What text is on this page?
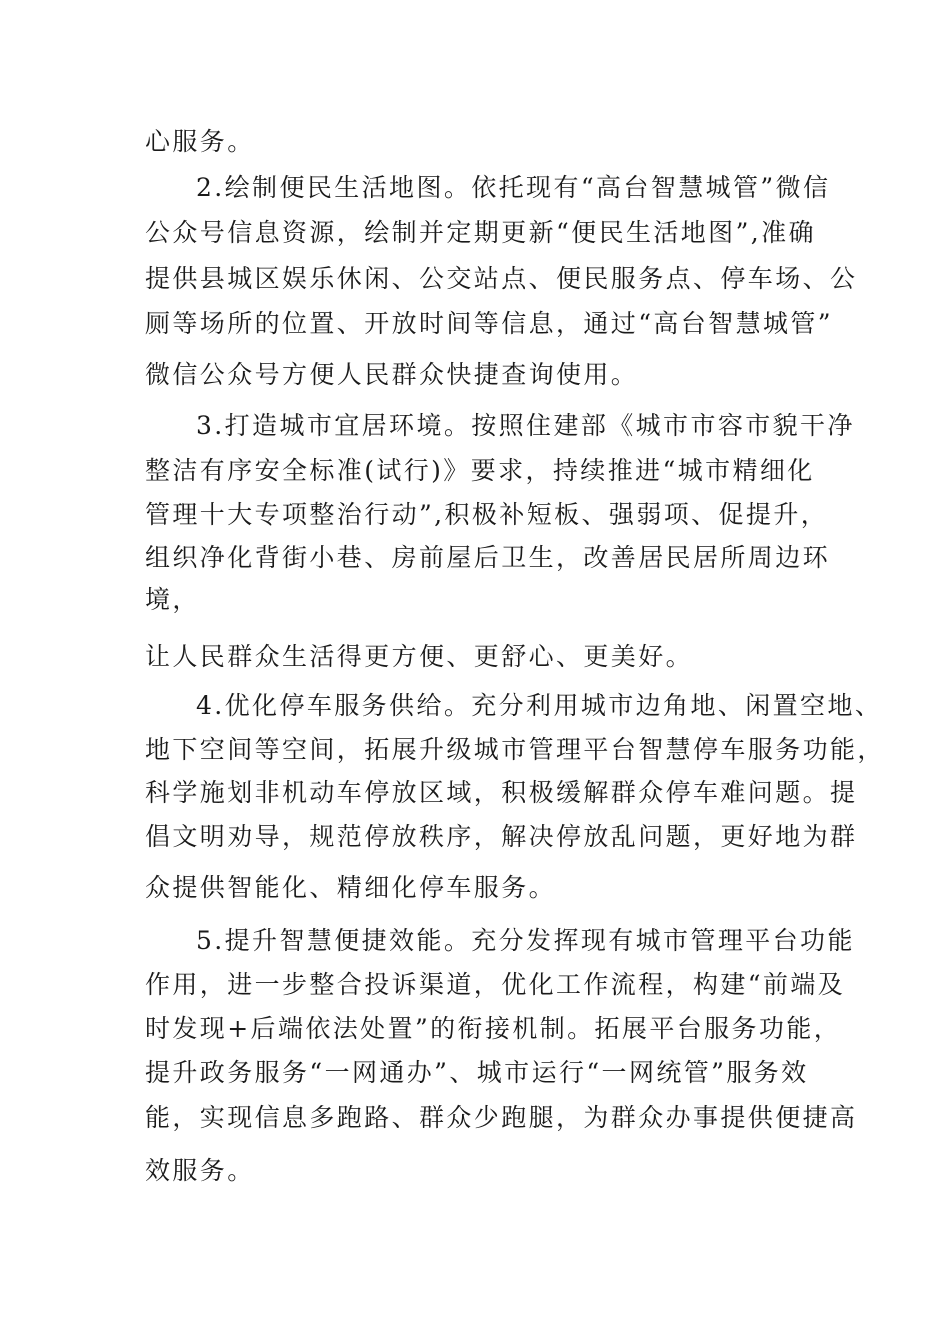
心服务。
2.绘制便民生活地图。依托现有“高台智慧城管”微信
公众号信息资源，绘制并定期更新“便民生活地图”,准确
提供县城区娱乐休闲、公交站点、便民服务点、停车场、公
厕等场所的位置、开放时间等信息，通过“高台智慧城管”
微信公众号方便人民群众快捷查询使用。
3.打造城市宜居环境。按照住建部《城市市容市貌干净
整洁有序安全标准(试行)》要求，持续推进“城市精细化
管理十大专项整治行动”,积极补短板、强弱项、促提升，
组织净化背街小巷、房前屋后卫生，改善居民居所周边环
境，
让人民群众生活得更方便、更舒心、更美好。
4.优化停车服务供给。充分利用城市边角地、闲置空地、
地下空间等空间，拓展升级城市管理平台智慧停车服务功能，
科学施划非机动车停放区域，积极缓解群众停车难问题。提
倡文明劝导，规范停放秩序，解决停放乱问题，更好地为群
众提供智能化、精细化停车服务。
5.提升智慧便捷效能。充分发挥现有城市管理平台功能
作用，进一步整合投诉渠道，优化工作流程，构建“前端及
时发现+后端依法处置”的衔接机制。拓展平台服务功能，
提升政务服务“一网通办”、城市运行“一网统管”服务效
能，实现信息多跑路、群众少跑腿，为群众办事提供便捷高
效服务。
